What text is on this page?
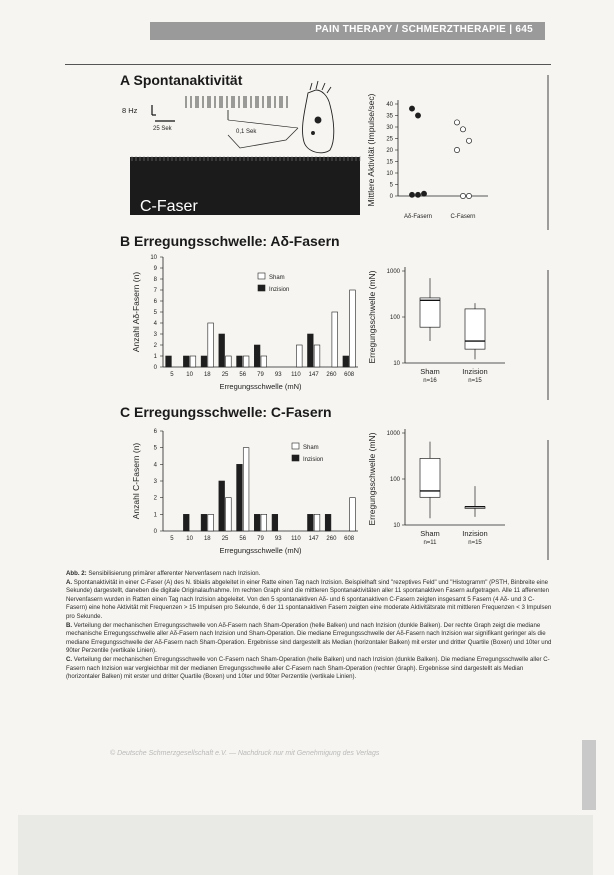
PAIN THERAPY / SCHMERZTHERAPIE | 645
A Spontanaktivität
B Erregungsschwelle: Aδ-Fasern
C Erregungsschwelle: C-Fasern
8 Hz
25 Sek	0,1 Sek
C-Faser
0
5
10
15
20
25
30
35
40
Mittlere Aktivität (Impulse/sec)
Aδ-Fasern	C-Fasern
0
1
2
3
4
5
6
7
8
9
10
5 10 18 25 56 79 93 110 147 260 608
Erregungsschwelle (mN)
Anzahl Aδ-Fasern (n)	Sham
Inzision
10
100
1000
Erregungsschwelle (mN)
Sham
n=16
Inzision
n=15
0
1
2
3
4
5
6
5 10 18 25 56 79 93 110 147 260 608
Erregungsschwelle (mN)
Anzahl C-Fasern (n)	Sham
Inzision
10
100
1000
Erregungsschwelle (mN)
Sham
n=11
Inzision
n=15

Abb. 2: Sensibilisierung primärer afferenter Nervenfasern nach Inzision.

A. Spontanaktivität in einer C-Faser (A) des N. tibialis abgeleitet in einer Ratte einen Tag nach Inzision. Beispielhaft sind "rezeptives Feld" und "Histogramm" (PSTH, Binbreite eine Sekunde) dargestellt, daneben die digitale Originalaufnahme. Im rechten Graph sind die mittleren Spontanaktivitäten aller 11 spontanaktiven Fasern aufgetragen. Alle 11 afferenten Nervenfasern wurden in Ratten einen Tag nach Inzision abgeleitet. Von den 5 spontanaktiven Aδ- und 6 spontanaktiven C-Fasern zeigten insgesamt 5 Fasern (4 Aδ- und 3 C-Fasern) eine hohe Aktivität mit Frequenzen > 15 Impulsen pro Sekunde, 6 der 11 spontanaktiven Fasern zeigten eine moderate Aktivitätsrate mit mittleren Frequenzen < 3 Impulsen pro Sekunde.

B. Verteilung der mechanischen Erregungsschwelle von Aδ-Fasern nach Sham-Operation (helle Balken) und nach Inzision (dunkle Balken). Der rechte Graph zeigt die mediane mechanische Erregungsschwelle aller Aδ-Fasern nach Inzision und Sham-Operation. Die mediane Erregungsschwelle der Aδ-Fasern nach Inzision war signifikant geringer als die mediane Erregungsschwelle der Aδ-Fasern nach Sham-Operation. Ergebnisse sind dargestellt als Median (horizontaler Balken) mit erster und dritter Quartile (Boxen) und 10ter und 90ter Perzentile (vertikale Linien).

C. Verteilung der mechanischen Erregungsschwelle von C-Fasern nach Sham-Operation (helle Balken) und nach Inzision (dunkle Balken). Die mediane Erregungsschwelle aller C-Fasern nach Inzision war vergleichbar mit der medianen Erregungsschwelle aller C-Fasern nach Sham-Operation (rechter Graph). Ergebnisse sind dargestellt als Median (horizontaler Balken) mit erster und dritter Quartile (Boxen) und 10ter und 90ter Perzentile (vertikale Linien).

© Deutsche Schmerzgesellschaft e.V. — Nachdruck nur mit Genehmigung des Verlags
